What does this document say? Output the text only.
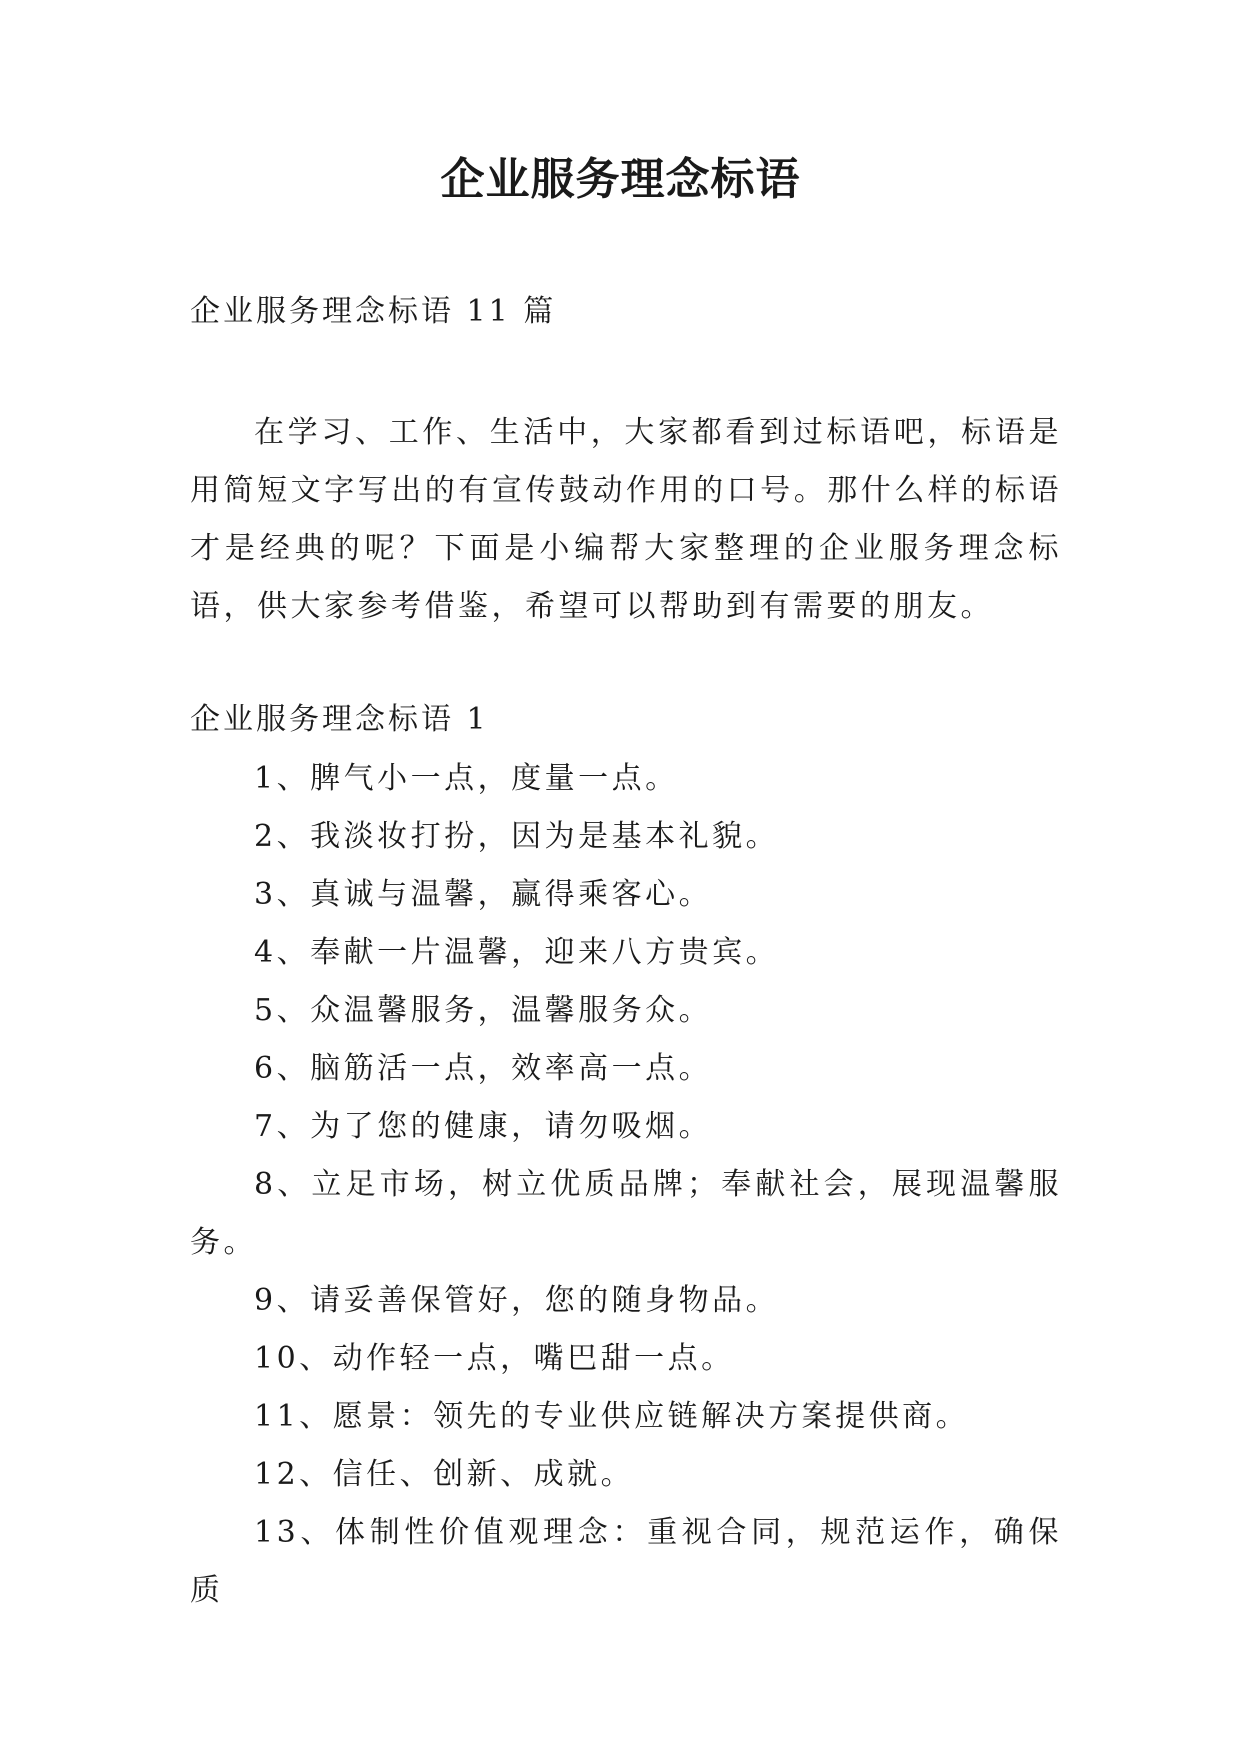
企业服务理念标语
企业服务理念标语 11 篇

在学习、工作、生活中，大家都看到过标语吧，标语是用简短文字写出的有宣传鼓动作用的口号。那什么样的标语才是经典的呢？下面是小编帮大家整理的企业服务理念标语，供大家参考借鉴，希望可以帮助到有需要的朋友。

企业服务理念标语 1
1、脾气小一点，度量一点。
2、我淡妆打扮，因为是基本礼貌。
3、真诚与温馨，赢得乘客心。
4、奉献一片温馨，迎来八方贵宾。
5、众温馨服务，温馨服务众。
6、脑筋活一点，效率高一点。
7、为了您的健康，请勿吸烟。
8、立足市场，树立优质品牌；奉献社会，展现温馨服务。
9、请妥善保管好，您的随身物品。
10、动作轻一点，嘴巴甜一点。
11、愿景：领先的专业供应链解决方案提供商。
12、信任、创新、成就。
13、体制性价值观理念：重视合同，规范运作，确保质
